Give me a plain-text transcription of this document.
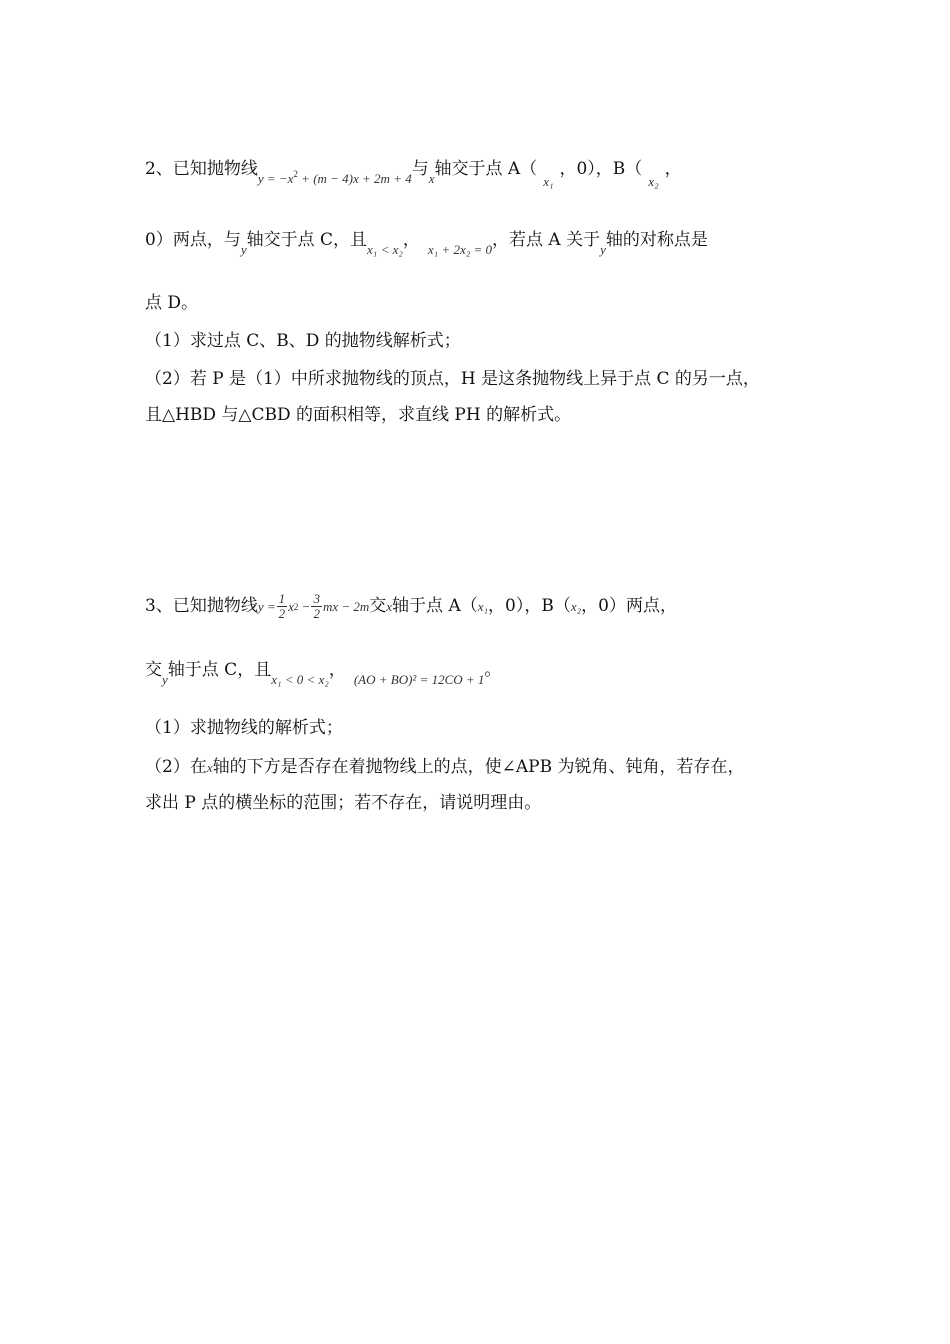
2、已知抛物线$y = -x^2 + (m - 4)x + 2m + 4$与x轴交于点 A（x₁，0），B（x₂，
0）两点，与y轴交于点 C，且x₁ < x₂， x₁ + 2x₂ = 0，若点 A 关于y轴的对称点是
点 D。
（1）求过点 C、B、D 的抛物线解析式；
（2）若 P 是（1）中所求抛物线的顶点，H 是这条抛物线上异于点 C 的另一点，
且△HBD 与△CBD 的面积相等，求直线 PH 的解析式。
3、已知抛物线$y = \frac{1}{2}$ x $2 - \frac{3}{2}$ mx − 2m交x轴于点 A（x₁，0），B（x₂，0）两点，
交y轴于点 C，且x₁ < 0 < x₂， (AO + BO)² = 12CO + 1。
（1）求抛物线的解析式；
（2）在x轴的下方是否存在着抛物线上的点，使∠APB 为锐角、钝角，若存在，
求出 P 点的横坐标的范围；若不存在，请说明理由。
